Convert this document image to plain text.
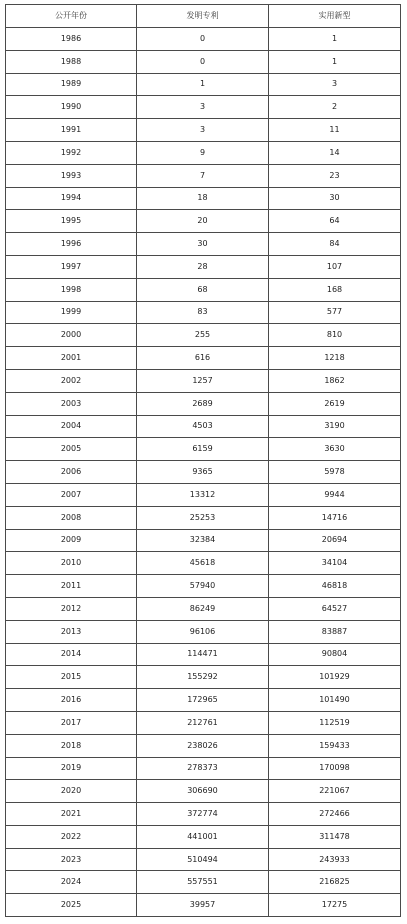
公开年份	发明专利	实用新型
1986	0	1
1988	0	1
1989	1	3
1990	3	2
1991	3	11
1992	9	14
1993	7	23
1994	18	30
1995	20	64
1996	30	84
1997	28	107
1998	68	168
1999	83	577
2000	255	810
2001	616	1218
2002	1257	1862
2003	2689	2619
2004	4503	3190
2005	6159	3630
2006	9365	5978
2007	13312	9944
2008	25253	14716
2009	32384	20694
2010	45618	34104
2011	57940	46818
2012	86249	64527
2013	96106	83887
2014	114471	90804
2015	155292	101929
2016	172965	101490
2017	212761	112519
2018	238026	159433
2019	278373	170098
2020	306690	221067
2021	372774	272466
2022	441001	311478
2023	510494	243933
2024	557551	216825
2025	39957	17275
